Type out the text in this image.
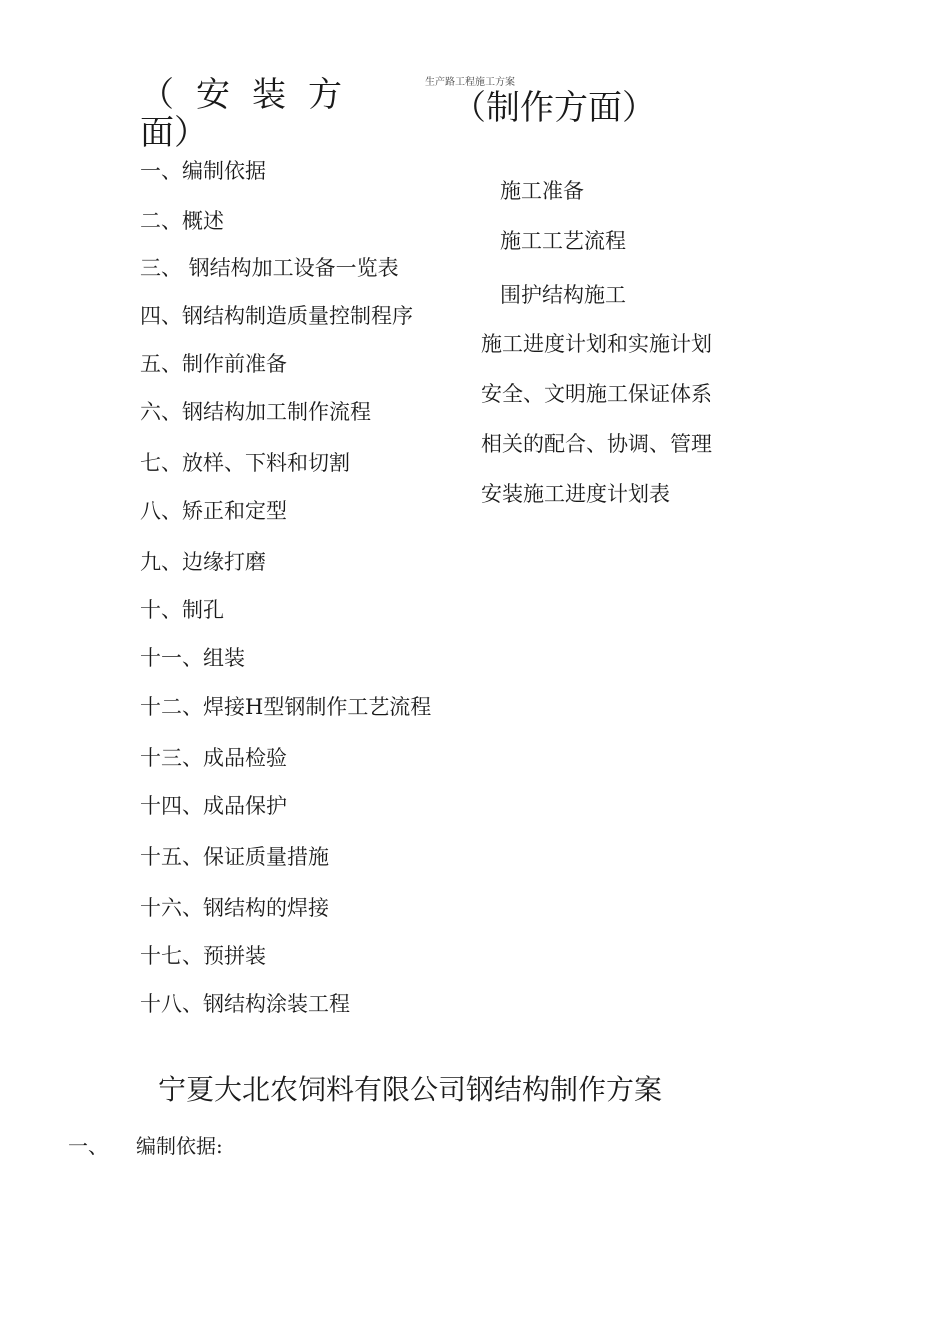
生产路工程施工方案
（安装方
面）
（制作方面）
一、编制依据
二、概述
三、 钢结构加工设备一览表
四、钢结构制造质量控制程序
五、制作前准备
六、钢结构加工制作流程
七、放样、下料和切割
八、矫正和定型
九、边缘打磨
十、制孔
十一、组装
十二、焊接H型钢制作工艺流程
十三、成品检验
十四、成品保护
十五、保证质量措施
十六、钢结构的焊接
十七、预拼装
十八、钢结构涂装工程
施工准备
施工工艺流程
围护结构施工
施工进度计划和实施计划
安全、文明施工保证体系
相关的配合、协调、管理
安装施工进度计划表
宁夏大北农饲料有限公司钢结构制作方案
一、 编制依据:
